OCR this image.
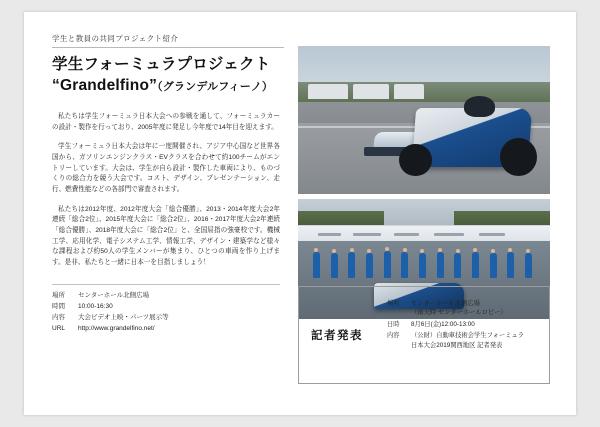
学生と教員の共同プロジェクト紹介

学生フォーミュラプロジェクト
“Grandelfino”（グランデルフィーノ）

私たちは学生フォーミュラ日本大会への参戦を通して、フォーミュラカーの設計・製作を行っており、2005年度に発足し今年度で14年目を迎えます。

学生フォーミュラ日本大会は年に一度開催され、アジア中心国など世界各国から、ガソリンエンジンクラス・EVクラスを合わせて約100チームがエントリーしています。大会は、学生が自ら設計・製作した車両により、ものづくりの総合力を競う大会です。コスト、デザイン、プレゼンテーション、走行、燃費性能などの各部門で審査されます。

私たちは2012年度、2012年度大会「総合優勝」、2013・2014年度大会2年連続「総合2位」、2015年度大会に「総合2位」、2016・2017年度大会2年連続「総合優勝」、2018年度大会に「総合2位」と、全国屈指の強豪校です。機械工学、応用化学、電子システム工学、情報工学、デザイン・建築学など様々な課程および約50人の学生メンバーが集まり、ひとつの車両を作り上げます。是非、私たちと一緒に日本一を目指しましょう！

場所	センターホール北側広場
時間	10:00-16:30
内容	大会ビデオ上映・パーツ展示等
URL	http://www.grandelfino.net/
記者発表
場所	センターホール北側広場
（雨天時 センターホールロビー）
日時	8月6日(金)12:00-13:00
内容	（公財）自動車技術会学生フォーミュラ
日本大会2019関西地区 記者発表
